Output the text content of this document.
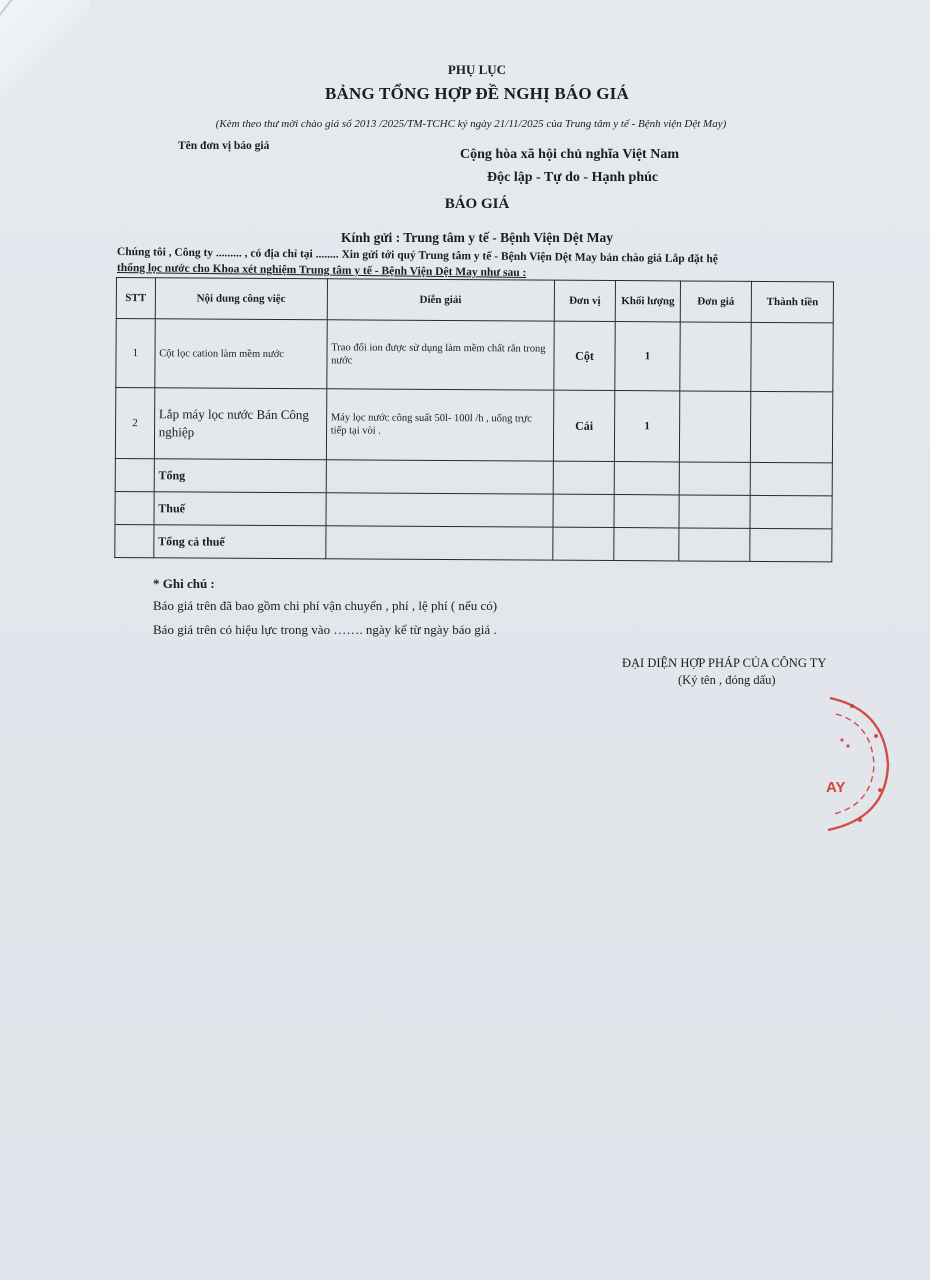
PHỤ LỤC
BẢNG TỔNG HỢP ĐỀ NGHỊ BÁO GIÁ
(Kèm theo thư mời chào giá số 2013 /2025/TM-TCHC ký ngày 21/11/2025 của Trung tâm y tế - Bệnh viện Dệt May)
Tên đơn vị báo giá
Cộng hòa xã hội chủ nghĩa Việt Nam
Độc lập - Tự do - Hạnh phúc
BÁO GIÁ
Kính gửi : Trung tâm y tế - Bệnh Viện Dệt May
Chúng tôi , Công ty ......... , có địa chỉ tại ........ Xin gửi tới quý Trung tâm y tế - Bệnh Viện Dệt May bản chào giá Lắp đặt hệ
thống lọc nước cho Khoa xét nghiệm Trung tâm y tế - Bệnh Viện Dệt May như sau :
STT	Nội dung công việc	Diễn giải	Đơn vị	Khối lượng	Đơn giá	Thành tiền
1	Cột lọc cation làm mềm nước	Trao đổi ion được sử dụng làm mềm chất rắn trong nước	Cột	1		
2	Lắp máy lọc nước Bán Công nghiệp	Máy lọc nước công suất 50l- 100l /h , uống trực tiếp tại vòi .	Cái	1		
	Tổng					
	Thuế					
	Tổng cả thuế					
* Ghi chú :
Báo giá trên đã bao gồm chi phí vận chuyển , phí , lệ phí ( nếu có)
Báo giá trên có hiệu lực trong vào ……. ngày kể từ ngày báo giá .
ĐẠI DIỆN HỢP PHÁP CỦA CÔNG TY
(Ký tên , đóng dấu)
AY
